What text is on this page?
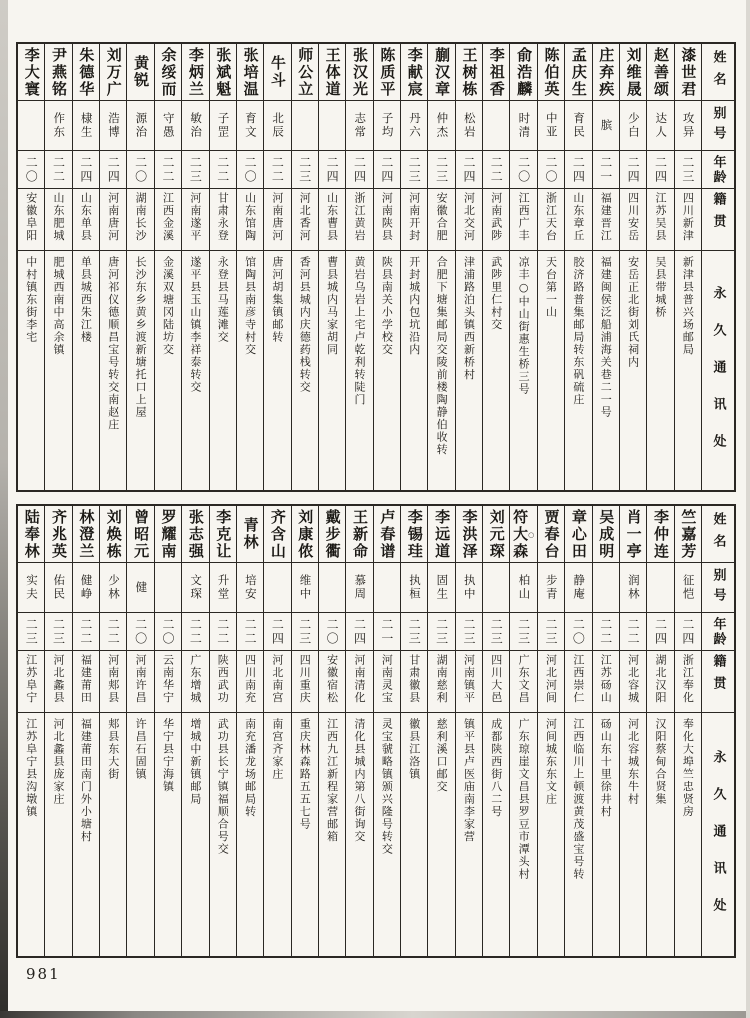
姓名
别号
年龄
籍贯
永久通讯处
漆世君
攻异
二三
四川新津
新津县普兴场邮局
赵善颂
达人
二四
江苏吴县
吴县带城桥
刘维晟
少白
二四
四川安岳
安岳正北街刘氏祠内
庄弃疾
膑
二一
福建晋江
福建闽侯泛船浦海关巷二一号
孟庆生
育民
二四
山东章丘
胶济路普集邮局转东矾硫庄
陈伯英
中亚
二〇
浙江天台
天台第一山
俞浩麟
时清
二〇
江西广丰
凉丰○中山街惠生桥三号
李祖香
二二
河南武陟
武陟里仁村交
王树栋
松岩
二四
河北交河
津浦路泊头镇西新桥村
蒯汉章
仲杰
二三
安徽合肥
合肥下塘集邮局交陵前楼陶静伯收转
李献宸
丹六
二三
河南开封
开封城内包坑沿内
陈质平
子均
二四
河南陕县
陕县南关小学校交
张汉光
志常
二四
浙江黄岩
黄岩乌岩上宅卢乾利转陡门
王体道
二四
山东曹县
曹县城内马家胡同
师公立
二三
河北香河
香河县城内庆德药栈转交
牛斗
北辰
二二
河南唐河
唐河胡集镇邮转
张培温
育文
二〇
山东馆陶
馆陶县南彦寺村交
张斌魁
子罡
二二
甘肃永登
永登县马莲滩交
李炳兰
敏治
二三
河南遂平
遂平县玉山镇李祥泰转交
余绥而
守愚
二二
江西金溪
金溪双塘冈陆坊交
黄锐
源治
二〇
湖南长沙
长沙东乡黄乡渡新塘托口上屋
刘万广
浩博
二四
河南唐河
唐河祁仪德顺昌宝号转交南赵庄
朱德华
棣生
二四
山东单县
单县城西朱江楼
尹燕铭
作东
二二
山东肥城
肥城西南中高余镇
李大寰
二〇
安徽阜阳
中村镇东街李宅
姓名
别号
年龄
籍贯
永久通讯处
竺嘉芳
征恺
二四
浙江奉化
奉化大埠竺忠贤房
李仲连
二四
湖北汉阳
汉阳蔡甸合贤集
肖一亭
润林
二二
河北容城
河北容城东牛村
吴成明
二二
江苏砀山
砀山东十里徐井村
章心田
静庵
二〇
江西崇仁
江西临川上顿渡黄茂盛宝号转
贾春台
步青
二三
河北河间
河间城东东文庄
符大森
○
柏山
二三
广东文昌
广东琼崖文昌县罗豆市潭头村
刘元琛
二三
四川大邑
成都陕西街八二号
李洪泽
执中
二三
河南镇平
镇平县卢医庙南李家营
李远道
固生
二三
湖南慈利
慈利溪口邮交
李锡珪
执桓
二三
甘肃徽县
徽县江洛镇
卢春谱
二一
河南灵宝
灵宝虢略镇颁兴隆号转交
王新命
慕周
二四
河南清化
清化县城内第八街询交
戴步衢
二〇
安徽宿松
江西九江新程家营邮箱
刘康侬
维中
二三
四川重庆
重庆林森路五五七号
齐含山
二四
河北南宫
南宫齐家庄
青林
培安
二二
四川南充
南充潘龙场邮局转
李克让
升堂
二二
陕西武功
武功县长宁镇福顺合号交
张志强
文琛
二二
广东增城
增城中新镇邮局
罗耀南
二〇
云南华宁
华宁县宁海镇
曾昭元
健
二〇
河南许昌
许昌石固镇
刘焕栋
少林
二二
河南郏县
郏县东大街
林澄兰
健峥
二二
福建莆田
福建莆田南门外小塘村
齐兆英
佑民
二三
河北蠡县
河北蠡县庞家庄
陆奉林
实夫
二三
江苏阜宁
江苏阜宁县沟墩镇
981
